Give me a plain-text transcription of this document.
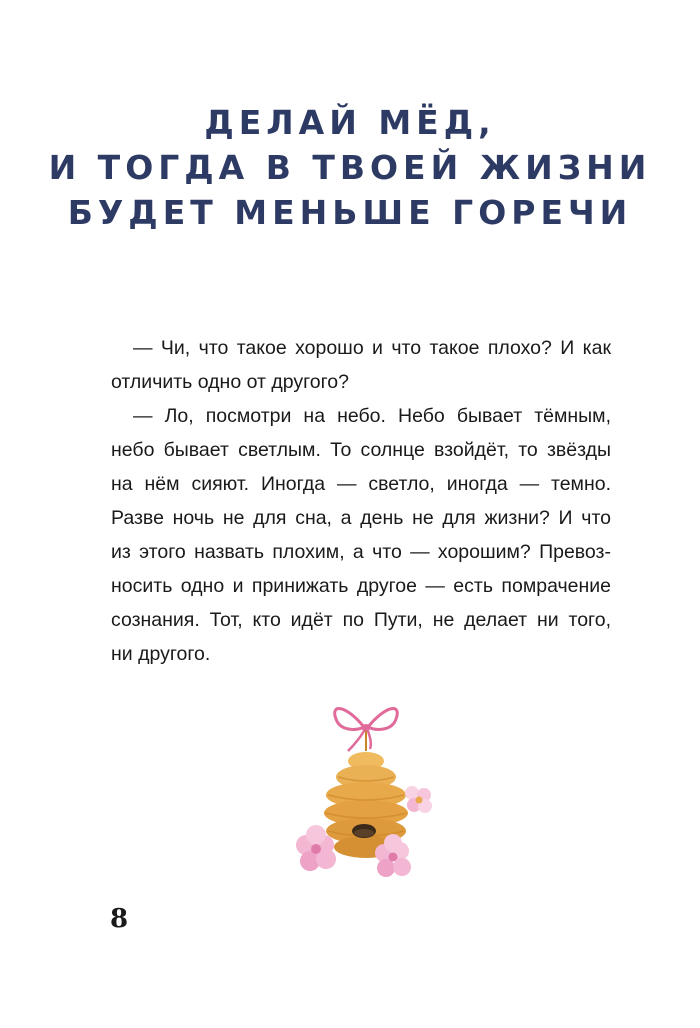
ДЕЛАЙ МЁД,
И ТОГДА В ТВОЕЙ ЖИЗНИ
БУДЕТ МЕНЬШЕ ГОРЕЧИ
— Чи, что такое хорошо и что такое плохо? И как
отличить одно от другого?
— Ло, посмотри на небо. Небо бывает тёмным,
небо бывает светлым. То солнце взойдёт, то звёзды
на нём сияют. Иногда — светло, иногда — темно.
Разве ночь не для сна, а день не для жизни? И что
из этого назвать плохим, а что — хорошим? Превоз-
носить одно и принижать другое — есть помрачение
сознания. Тот, кто идёт по Пути, не делает ни того,
ни другого.
8
